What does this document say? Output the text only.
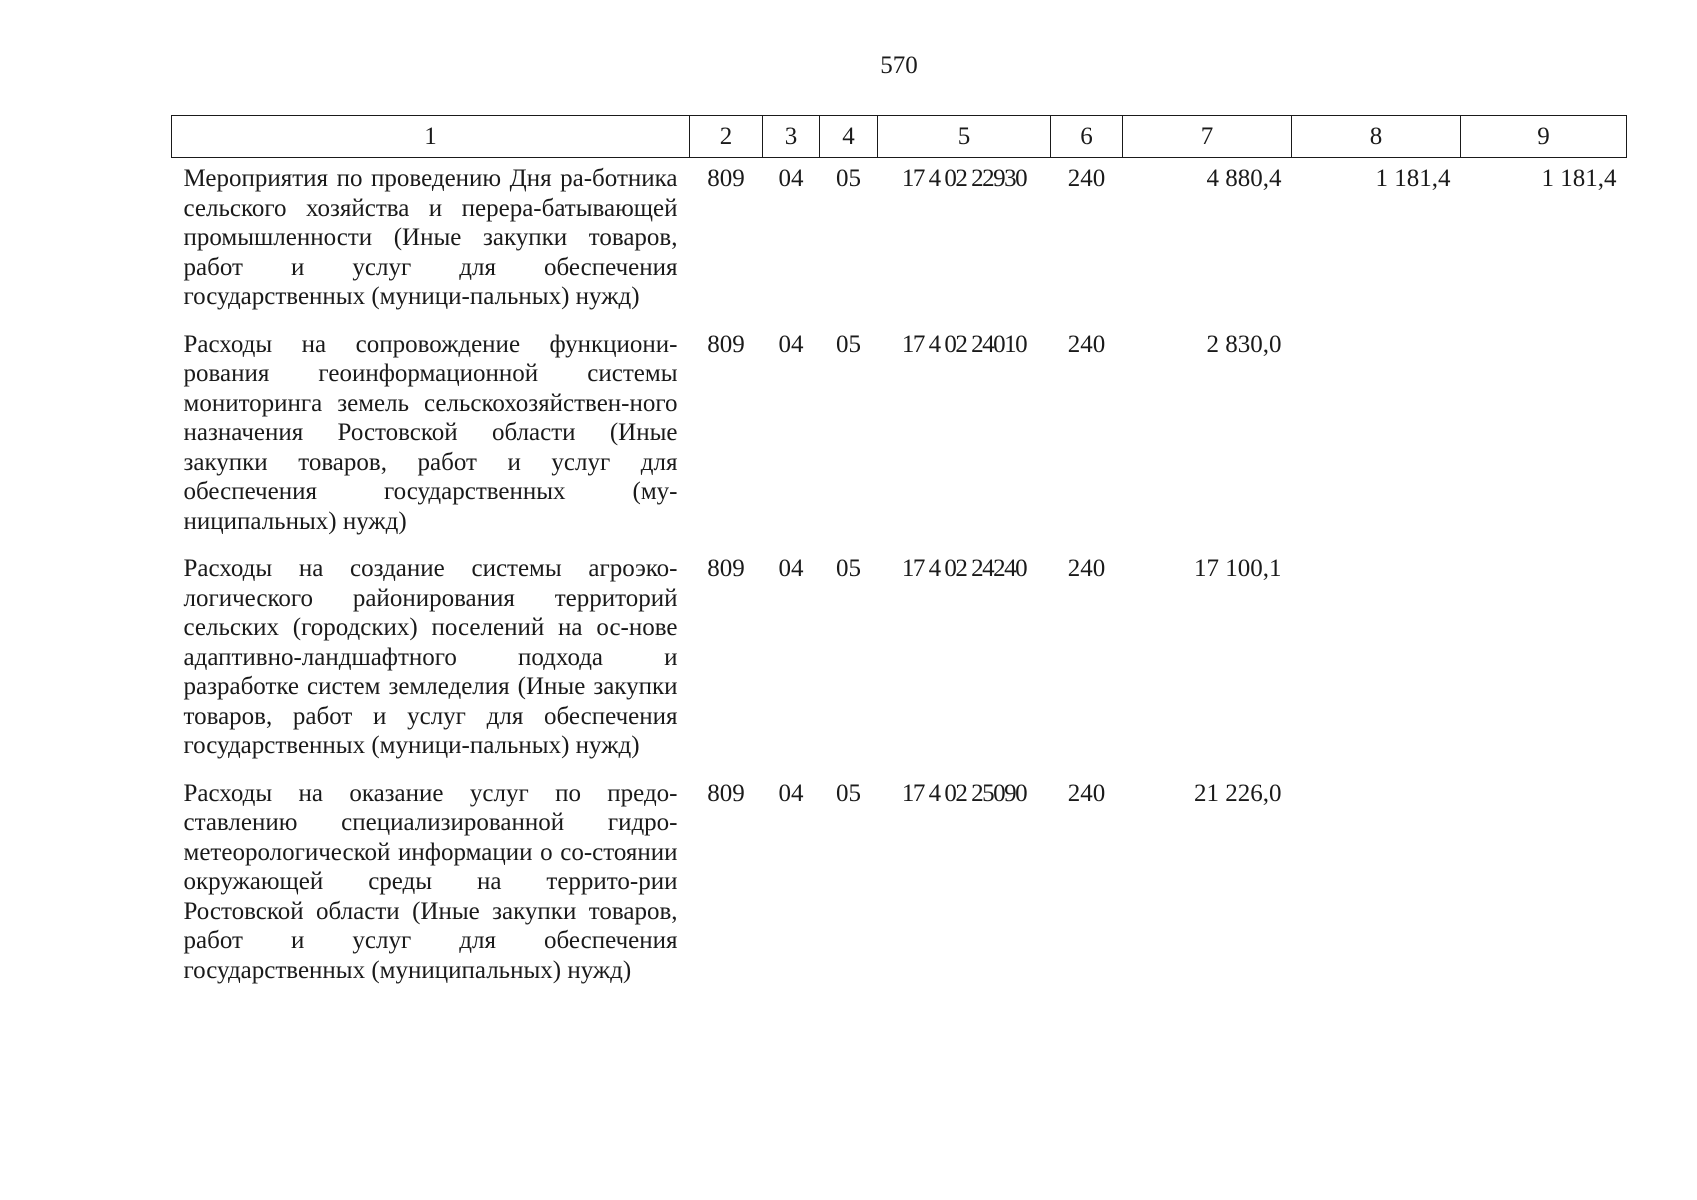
570
1	2	3	4	5	6	7	8	9
Мероприятия по проведению Дня ра-ботника сельского хозяйства и перера-батывающей промышленности (Иные закупки товаров, работ и услуг для обеспечения государственных (муници-пальных) нужд)	809	04	05	17 4 02 22930	240	4 880,4	1 181,4	1 181,4
Расходы на сопровождение функциони-рования геоинформационной системы мониторинга земель сельскохозяйствен-ного назначения Ростовской области (Иные закупки товаров, работ и услуг для обеспечения государственных (му-ниципальных) нужд)	809	04	05	17 4 02 24010	240	2 830,0		
Расходы на создание системы агроэко-логического районирования территорий сельских (городских) поселений на ос-нове адаптивно-ландшафтного подхода и разработке систем земледелия (Иные закупки товаров, работ и услуг для обеспечения государственных (муници-пальных) нужд)	809	04	05	17 4 02 24240	240	17 100,1		
Расходы на оказание услуг по предо-ставлению специализированной гидро-метеорологической информации о со-стоянии окружающей среды на террито-рии Ростовской области (Иные закупки товаров, работ и услуг для обеспечения государственных (муниципальных) нужд)	809	04	05	17 4 02 25090	240	21 226,0		
